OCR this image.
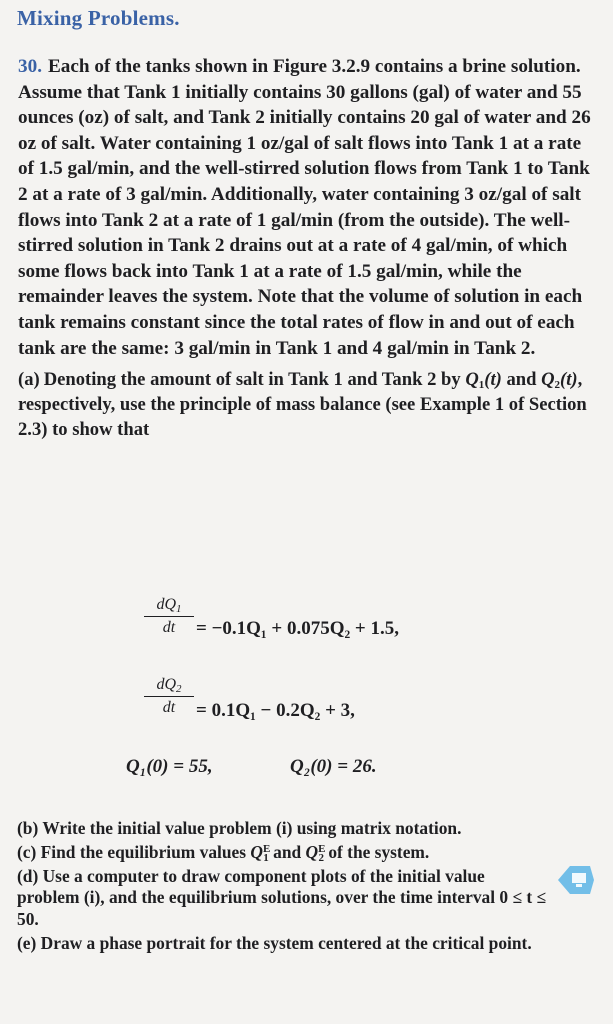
Mixing Problems.
30. Each of the tanks shown in Figure 3.2.9 contains a brine solution. Assume that Tank 1 initially contains 30 gallons (gal) of water and 55 ounces (oz) of salt, and Tank 2 initially contains 20 gal of water and 26 oz of salt. Water containing 1 oz/gal of salt flows into Tank 1 at a rate of 1.5 gal/min, and the well-stirred solution flows from Tank 1 to Tank 2 at a rate of 3 gal/min. Additionally, water containing 3 oz/gal of salt flows into Tank 2 at a rate of 1 gal/min (from the outside). The well-stirred solution in Tank 2 drains out at a rate of 4 gal/min, of which some flows back into Tank 1 at a rate of 1.5 gal/min, while the remainder leaves the system. Note that the volume of solution in each tank remains constant since the total rates of flow in and out of each tank are the same: 3 gal/min in Tank 1 and 4 gal/min in Tank 2.
(a) Denoting the amount of salt in Tank 1 and Tank 2 by $Q_1(t)$ and $Q_2(t)$, respectively, use the principle of mass balance (see Example 1 of Section 2.3) to show that
$\frac{dQ_1}{dt} = -0.1Q_1 + 0.075Q_2 + 1.5$,
$\frac{dQ_2}{dt} = 0.1Q_1 - 0.2Q_2 + 3$,
Q₁(0) = 55,	Q₂(0) = 26.
(b) Write the initial value problem (i) using matrix notation.
(c) Find the equilibrium values $Q^E_1$ and $Q^E_2$ of the system.
(d) Use a computer to draw component plots of the initial value problem (i), and the equilibrium solutions, over the time interval 0 ≤ t ≤ 50.
(e) Draw a phase portrait for the system centered at the critical point.
